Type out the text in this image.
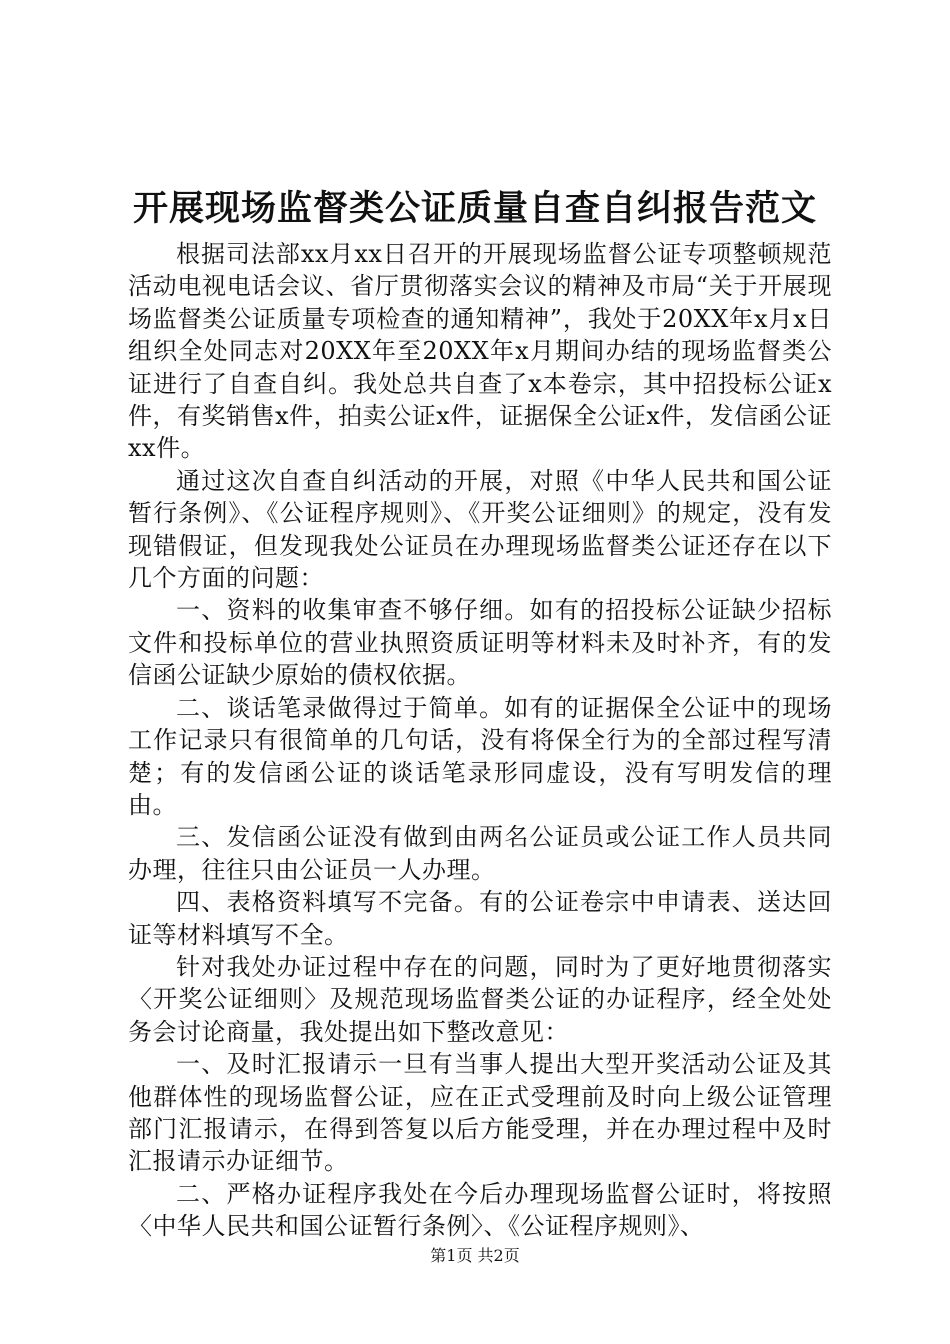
开展现场监督类公证质量自查自纠报告范文

根据司法部xx月xx日召开的开展现场监督公证专项整顿规范活动电视电话会议、省厅贯彻落实会议的精神及市局“关于开展现场监督类公证质量专项检查的通知精神”，我处于20XX年x月x日组织全处同志对20XX年至20XX年x月期间办结的现场监督类公证进行了自查自纠。我处总共自查了x本卷宗，其中招投标公证x件，有奖销售x件，拍卖公证x件，证据保全公证x件，发信函公证xx件。

通过这次自查自纠活动的开展，对照《中华人民共和国公证暂行条例》、《公证程序规则》、《开奖公证细则》的规定，没有发现错假证，但发现我处公证员在办理现场监督类公证还存在以下几个方面的问题：

一、资料的收集审查不够仔细。如有的招投标公证缺少招标文件和投标单位的营业执照资质证明等材料未及时补齐，有的发信函公证缺少原始的债权依据。

二、谈话笔录做得过于简单。如有的证据保全公证中的现场工作记录只有很简单的几句话，没有将保全行为的全部过程写清楚；有的发信函公证的谈话笔录形同虚设，没有写明发信的理由。

三、发信函公证没有做到由两名公证员或公证工作人员共同办理，往往只由公证员一人办理。

四、表格资料填写不完备。有的公证卷宗中申请表、送达回证等材料填写不全。

针对我处办证过程中存在的问题，同时为了更好地贯彻落实〈开奖公证细则〉及规范现场监督类公证的办证程序，经全处处务会讨论商量，我处提出如下整改意见：

一、及时汇报请示一旦有当事人提出大型开奖活动公证及其他群体性的现场监督公证，应在正式受理前及时向上级公证管理部门汇报请示，在得到答复以后方能受理，并在办理过程中及时汇报请示办证细节。

二、严格办证程序我处在今后办理现场监督公证时，将按照〈中华人民共和国公证暂行条例〉、《公证程序规则》、

第1页 共2页
